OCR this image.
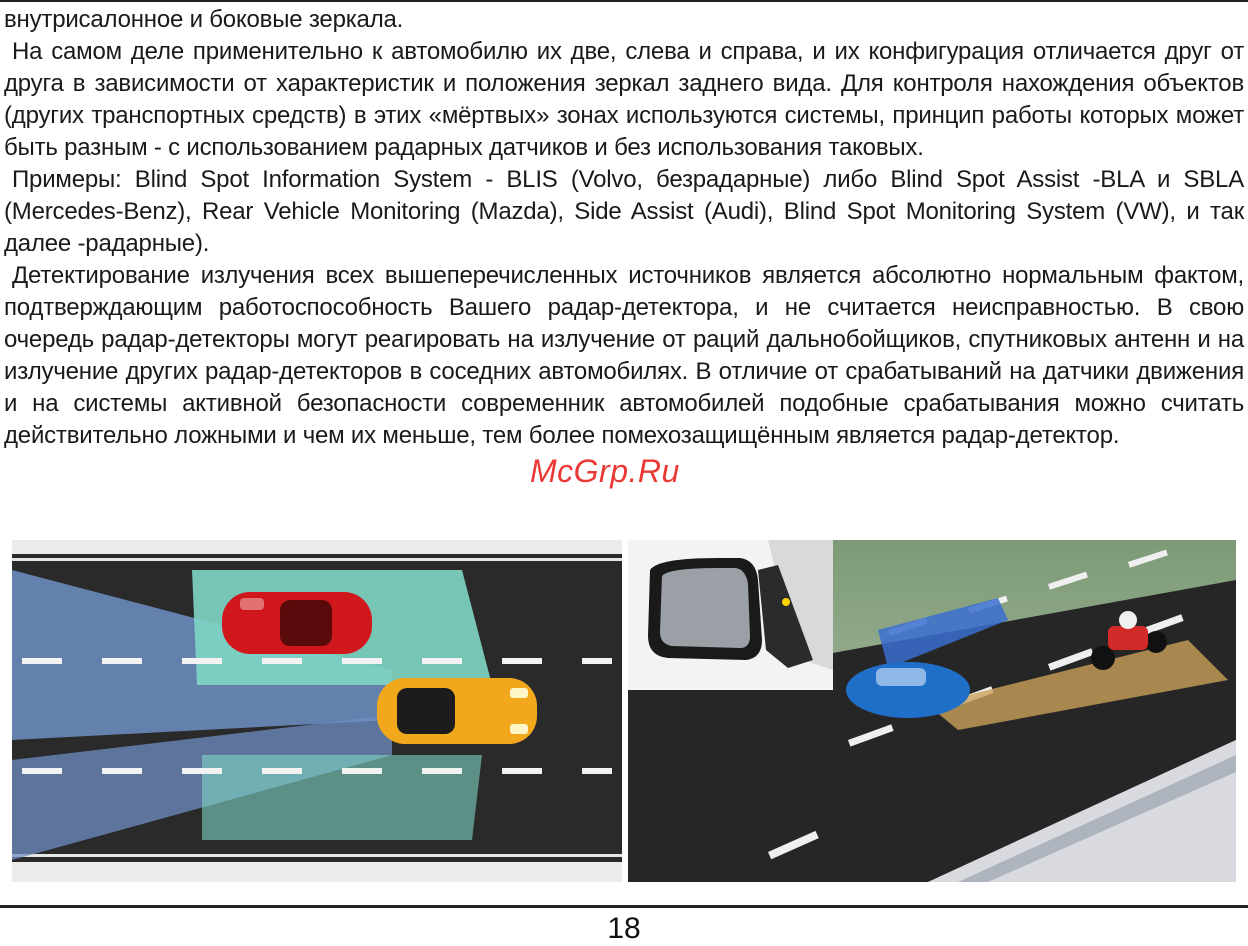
внутрисалонное и боковые зеркала.

На самом деле применительно к автомобилю их две, слева и справа, и их конфигурация отличается друг от друга в зависимости от характеристик и положения зеркал заднего вида. Для контроля нахождения объектов (других транспортных средств) в этих «мёртвых» зонах используются системы, принцип работы которых может быть разным - с использованием радарных датчиков и без использования таковых.

Примеры: Blind Spot Information System - BLIS (Volvo, безрадарные) либо Blind Spot Assist -BLA и SBLA (Mercedes-Benz), Rear Vehicle Monitoring (Mazda), Side Assist (Audi), Blind Spot Monitoring System (VW), и так далее -радарные).

Детектирование излучения всех вышеперечисленных источников является абсолютно нормальным фактом, подтверждающим работоспособность Вашего радар-детектора, и не считается неисправностью. В свою очередь радар-детекторы могут реагировать на излучение от раций дальнобойщиков, спутниковых антенн и на излучение других радар-детекторов в соседних автомобилях. В отличие от срабатываний на датчики движения и на системы активной безопасности современник автомобилей подобные срабатывания можно считать действительно ложными и чем их меньше, тем более помехозащищённым является радар-детектор.

McGrp.Ru
18
